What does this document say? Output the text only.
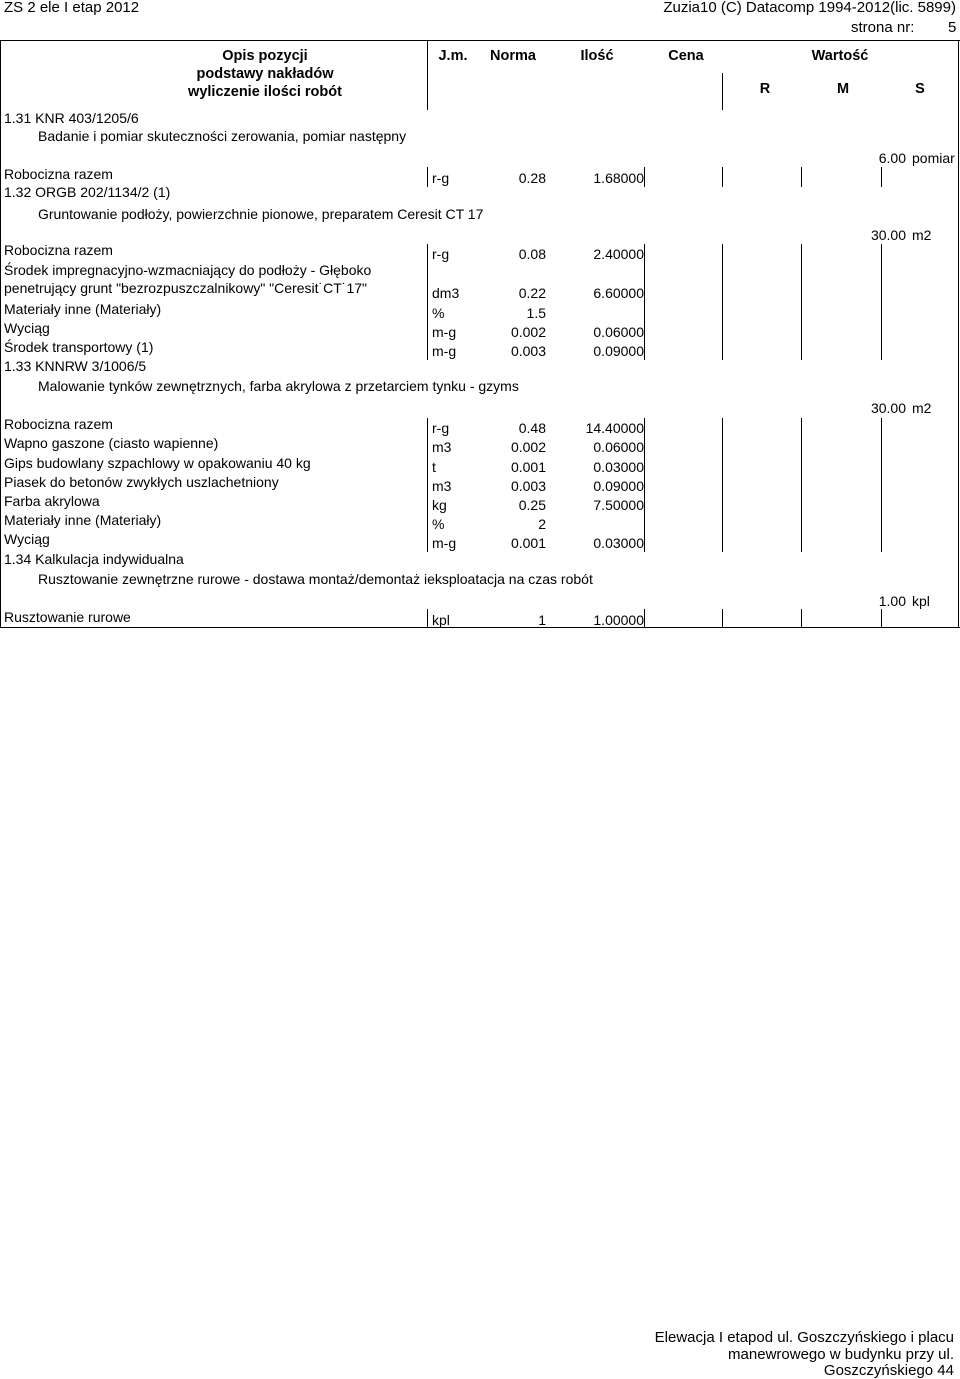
ZS 2 ele I etap 2012	Zuzia10 (C) Datacomp 1994-2012(lic. 5899)
strona nr: 5
Opis pozycji
podstawy nakładów
wyliczenie ilości robót
J.m.	Norma	Ilość	Cena	Wartość
R	M	S
1.31 KNR 403/1205/6
Badanie i pomiar skuteczności zerowania, pomiar następny
6.00 pomiar
Robocizna razem	r-g	0.28	1.68000
1.32 ORGB 202/1134/2 (1)
Gruntowanie podłoży, powierzchnie pionowe, preparatem Ceresit CT 17
30.00 m2
Robocizna razem	r-g	0.08	2.40000
Środek impregnacyjno-wzmacniający do podłoży - Głęboko
penetrujący grunt "bezrozpuszczalnikowy" "Ceresit˙CT˙17"	dm3	0.22	6.60000
Materiały inne (Materiały)	%	1.5
Wyciąg	m-g	0.002	0.06000
Środek transportowy (1)	m-g	0.003	0.09000
1.33 KNNRW 3/1006/5
Malowanie tynków zewnętrznych, farba akrylowa z przetarciem tynku - gzyms
30.00 m2
Robocizna razem	r-g	0.48	14.40000
Wapno gaszone (ciasto wapienne)	m3	0.002	0.06000
Gips budowlany szpachlowy w opakowaniu 40 kg	t	0.001	0.03000
Piasek do betonów zwykłych uszlachetniony	m3	0.003	0.09000
Farba akrylowa	kg	0.25	7.50000
Materiały inne (Materiały)	%	2
Wyciąg	m-g	0.001	0.03000
1.34 Kalkulacja indywidualna
Rusztowanie zewnętrzne rurowe - dostawa montaż/demontaż ieksploatacja na czas robót
1.00 kpl
Rusztowanie rurowe	kpl	1	1.00000
Elewacja I etapod ul. Goszczyńskiego i placu
manewrowego w budynku przy ul.
Goszczyńskiego 44
